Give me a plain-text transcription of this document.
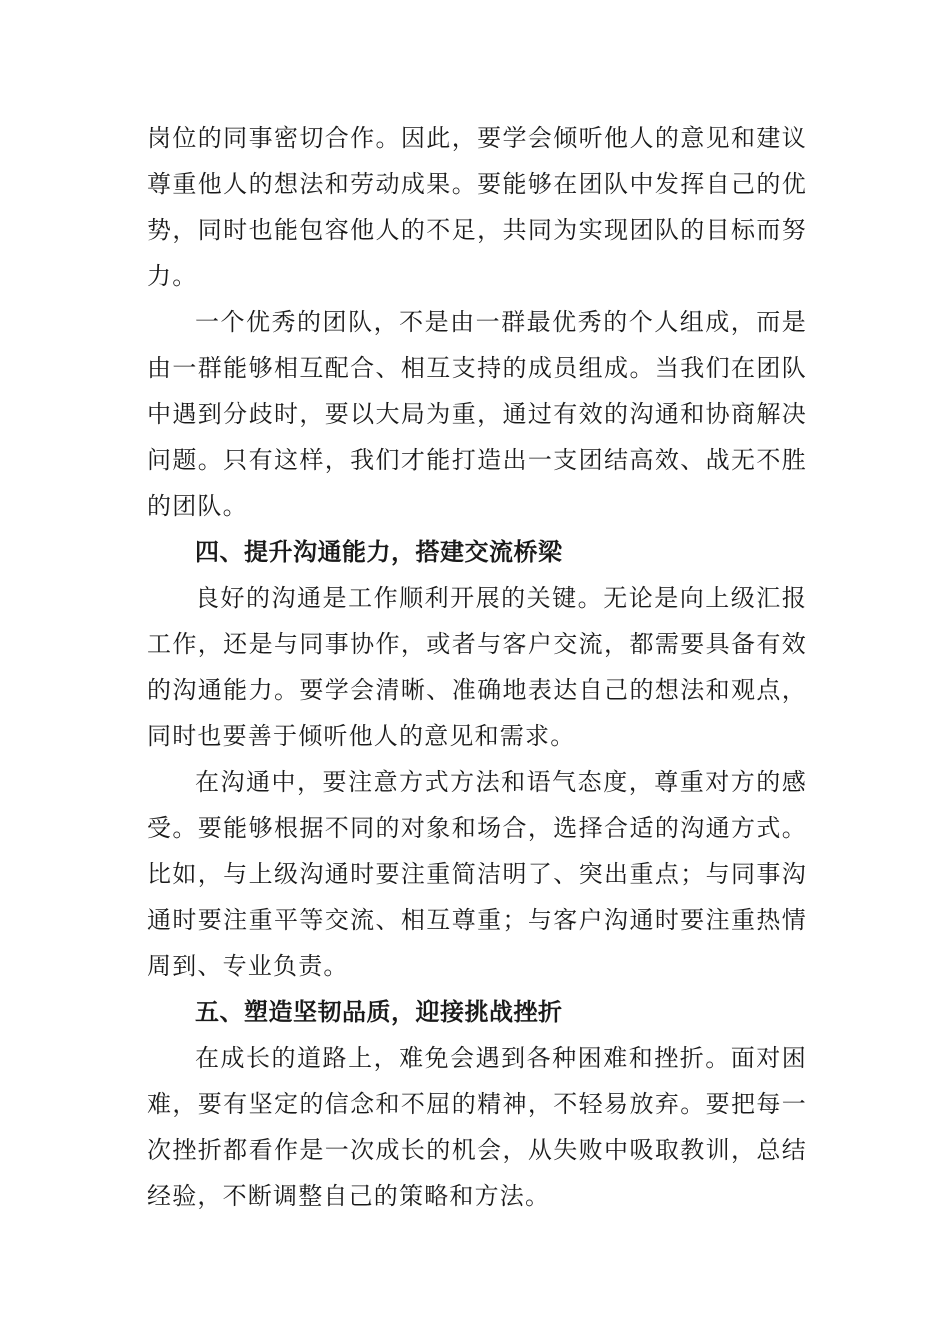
岗位的同事密切合作。因此，要学会倾听他人的意见和建议尊重他人的想法和劳动成果。要能够在团队中发挥自己的优势，同时也能包容他人的不足，共同为实现团队的目标而努力。

一个优秀的团队，不是由一群最优秀的个人组成，而是由一群能够相互配合、相互支持的成员组成。当我们在团队中遇到分歧时，要以大局为重，通过有效的沟通和协商解决问题。只有这样，我们才能打造出一支团结高效、战无不胜的团队。

四、提升沟通能力，搭建交流桥梁

良好的沟通是工作顺利开展的关键。无论是向上级汇报工作，还是与同事协作，或者与客户交流，都需要具备有效的沟通能力。要学会清晰、准确地表达自己的想法和观点，同时也要善于倾听他人的意见和需求。

在沟通中，要注意方式方法和语气态度，尊重对方的感受。要能够根据不同的对象和场合，选择合适的沟通方式。比如，与上级沟通时要注重简洁明了、突出重点；与同事沟通时要注重平等交流、相互尊重；与客户沟通时要注重热情周到、专业负责。

五、塑造坚韧品质，迎接挑战挫折

在成长的道路上，难免会遇到各种困难和挫折。面对困难，要有坚定的信念和不屈的精神，不轻易放弃。要把每一次挫折都看作是一次成长的机会，从失败中吸取教训，总结经验，不断调整自己的策略和方法。
